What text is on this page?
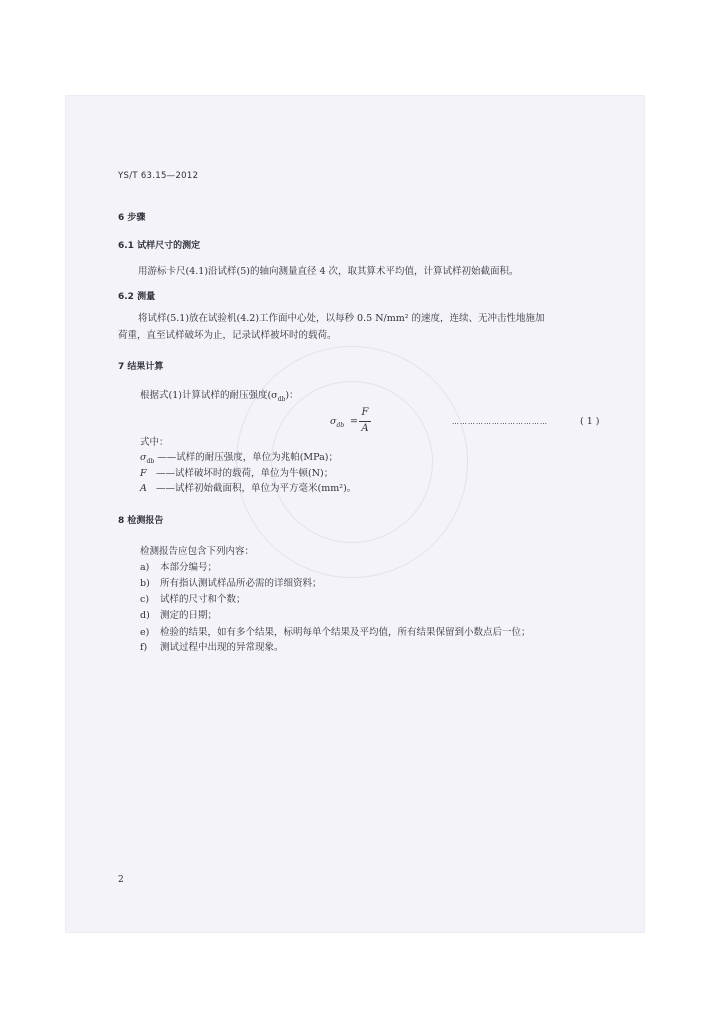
YS/T 63.15—2012
6 步骤
6.1 试样尺寸的测定
用游标卡尺(4.1)沿试样(5)的轴向测量直径 4 次，取其算术平均值，计算试样初始截面积。
6.2 测量
将试样(5.1)放在试验机(4.2)工作面中心处，以每秒 0.5 N/mm² 的速度，连续、无冲击性地施加
荷重，直至试样破坏为止，记录试样被坏时的载荷。
7 结果计算
根据式(1)计算试样的耐压强度$(\sigma_{db})$：
$\sigma_{db}$ =
F
A
………………………………	( 1 )
式中：
$\sigma_{db}$ ——试样的耐压强度，单位为兆帕(MPa)；
F ——试样破坏时的载荷，单位为牛顿(N)；
A ——试样初始截面积，单位为平方毫米(mm²)。
8 检测报告
检测报告应包含下列内容：
a) 本部分编号；
b) 所有指认测试样品所必需的详细资料；
c) 试样的尺寸和个数；
d) 测定的日期；
e) 检验的结果，如有多个结果，标明每单个结果及平均值，所有结果保留到小数点后一位；
f) 测试过程中出现的异常现象。
2
